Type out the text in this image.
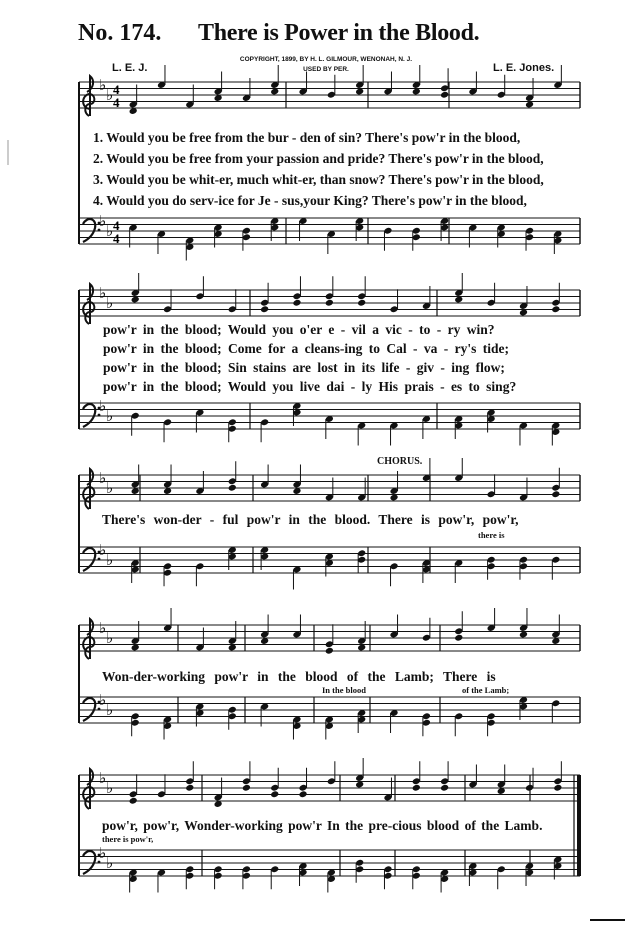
No. 174. There is Power in the Blood.
L. E. J.	L. E. Jones.
COPYRIGHT, 1899, BY H. L. GILMOUR, WENONAH, N. J.
USED BY PER.
♭
♭
♭
♭
♭
♭
♭
♭
♭
♭
♭
♭
♭
♭
♭
♭
♭
♭
♭
♭
4
4
4
4
1. Would you be free from the bur - den of sin? There's pow'r in the blood,
2. Would you be free from your passion and pride? There's pow'r in the blood,
3. Would you be whit-er, much whit-er, than snow? There's pow'r in the blood,
4. Would you do serv-ice for Je - sus,your King? There's pow'r in the blood,
pow'r in the blood; Would you o'er e - vil a vic - to - ry win?
pow'r in the blood; Come for a cleans-ing to Cal - va - ry's tide;
pow'r in the blood; Sin stains are lost in its life - giv - ing flow;
pow'r in the blood; Would you live dai - ly His prais - es to sing?
CHORUS.
There's won-der - ful pow'r in the blood. There is pow'r, pow'r,
there is
Won-der-working pow'r in the blood of the Lamb; There is
In the blood	of the Lamb;
pow'r, pow'r, Wonder-working pow'r In the pre-cious blood of the Lamb.
there is pow'r,
